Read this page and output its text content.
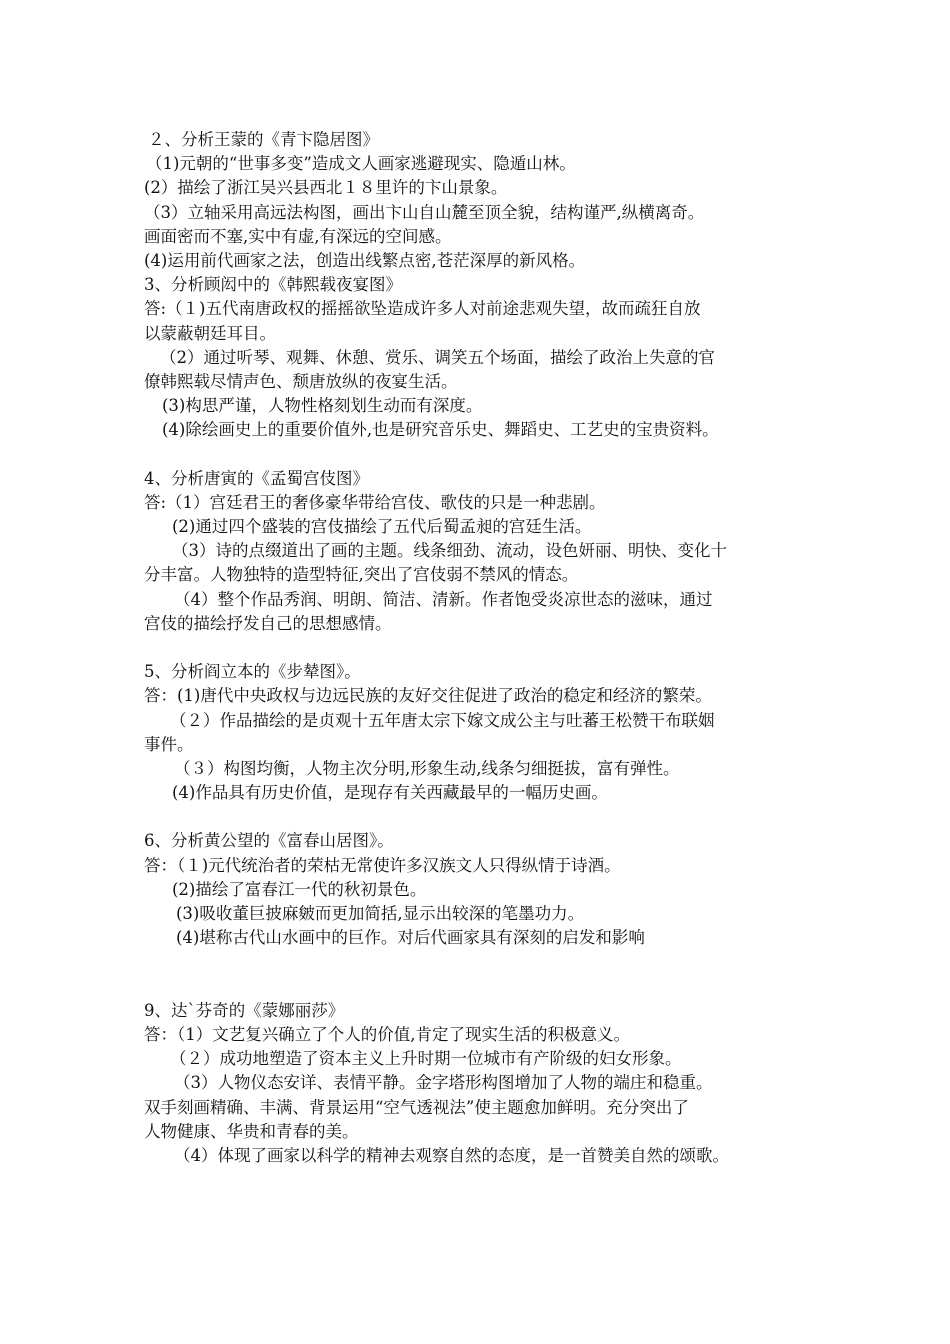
２、分析王蒙的《青卞隐居图》
（1)元朝的“世事多变”造成文人画家逃避现实、隐遁山林。
(2）描绘了浙江吴兴县西北１８里许的卞山景象。
（3）立轴采用高远法构图，画出卞山自山麓至顶全貌，结构谨严,纵横离奇。
画面密而不塞,实中有虚,有深远的空间感。
(4)运用前代画家之法，创造出线繁点密,苍茫深厚的新风格。
3、分析顾闳中的《韩熙载夜宴图》
答:（１)五代南唐政权的摇摇欲坠造成许多人对前途悲观失望，故而疏狂自放
以蒙蔽朝廷耳目。
（2）通过听琴、观舞、休憩、赏乐、调笑五个场面，描绘了政治上失意的官
僚韩熙载尽情声色、颓唐放纵的夜宴生活。
(3)构思严谨，人物性格刻划生动而有深度。
(4)除绘画史上的重要价值外,也是研究音乐史、舞蹈史、工艺史的宝贵资料。
4、分析唐寅的《孟蜀宫伎图》
答:（1）宫廷君王的奢侈豪华带给宫伎、歌伎的只是一种悲剧。
(2)通过四个盛装的宫伎描绘了五代后蜀孟昶的宫廷生活。
（3）诗的点缀道出了画的主题。线条细劲、流动，设色妍丽、明快、变化十
分丰富。人物独特的造型特征,突出了宫伎弱不禁风的情态。
（4）整个作品秀润、明朗、简洁、清新。作者饱受炎凉世态的滋味，通过
宫伎的描绘抒发自己的思想感情。
5、分析阎立本的《步辇图》。
答：(1)唐代中央政权与边远民族的友好交往促进了政治的稳定和经济的繁荣。
（２）作品描绘的是贞观十五年唐太宗下嫁文成公主与吐蕃王松赞干布联姻
事件。
（３）构图均衡，人物主次分明,形象生动,线条匀细挺拔，富有弹性。
(4)作品具有历史价值，是现存有关西藏最早的一幅历史画。
6、分析黄公望的《富春山居图》。
答：（１)元代统治者的荣枯无常使许多汉族文人只得纵情于诗酒。
(2)描绘了富春江一代的秋初景色。
(3)吸收董巨披麻皴而更加简括,显示出较深的笔墨功力。
(4)堪称古代山水画中的巨作。对后代画家具有深刻的启发和影响
9、达`芬奇的《蒙娜丽莎》
答：（1）文艺复兴确立了个人的价值,肯定了现实生活的积极意义。
（２）成功地塑造了资本主义上升时期一位城市有产阶级的妇女形象。
（3）人物仪态安详、表情平静。金字塔形构图增加了人物的端庄和稳重。
双手刻画精确、丰满、背景运用“空气透视法”使主题愈加鲜明。充分突出了
人物健康、华贵和青春的美。
（4）体现了画家以科学的精神去观察自然的态度，是一首赞美自然的颂歌。
